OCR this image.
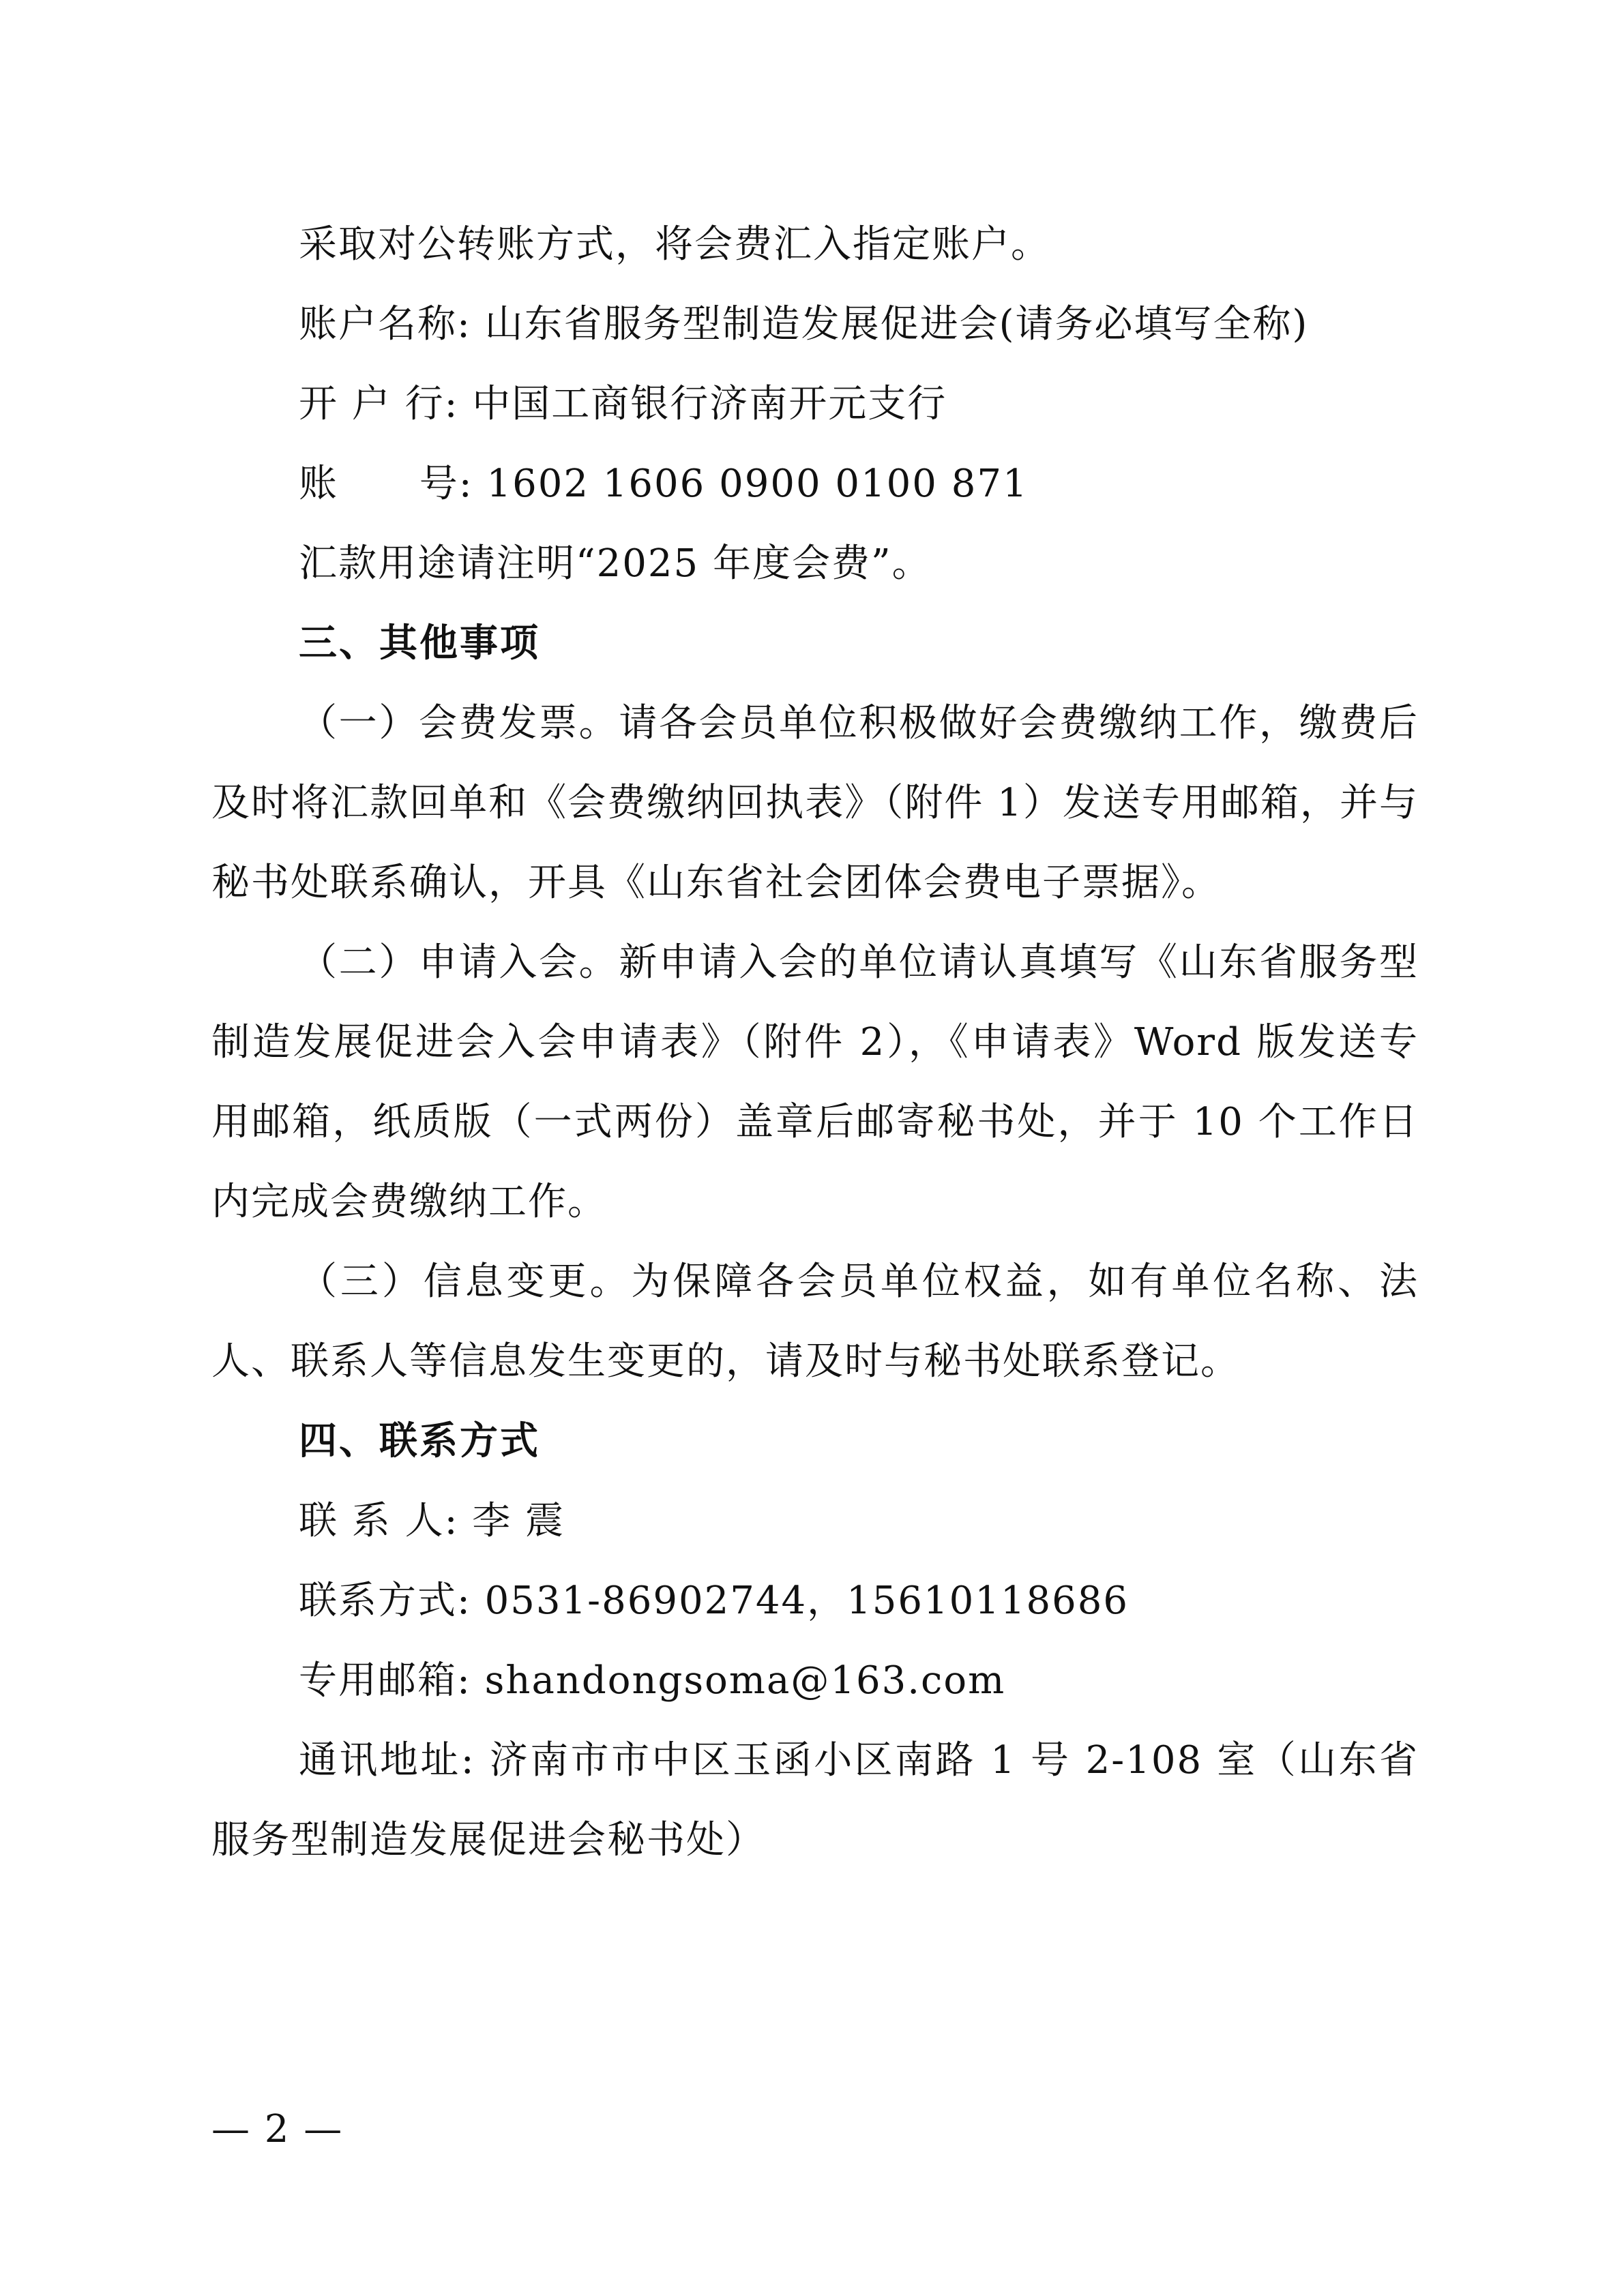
采取对公转账方式，将会费汇入指定账户。
账户名称: 山东省服务型制造发展促进会(请务必填写全称)
开 户 行: 中国工商银行济南开元支行
账      号: 1602 1606 0900 0100 871
汇款用途请注明“2025 年度会费”。
三、其他事项

（一）会费发票。请各会员单位积极做好会费缴纳工作，缴费后及时将汇款回单和《会费缴纳回执表》（附件 1）发送专用邮箱，并与秘书处联系确认，开具《山东省社会团体会费电子票据》。

（二）申请入会。新申请入会的单位请认真填写《山东省服务型制造发展促进会入会申请表》（附件 2），《申请表》Word 版发送专用邮箱，纸质版（一式两份）盖章后邮寄秘书处，并于 10 个工作日内完成会费缴纳工作。

（三）信息变更。为保障各会员单位权益，如有单位名称、法人、联系人等信息发生变更的，请及时与秘书处联系登记。

四、联系方式
联 系 人: 李 震
联系方式: 0531-86902744，15610118686
专用邮箱: shandongsoma@163.com

通讯地址: 济南市市中区玉函小区南路 1 号 2-108 室（山东省服务型制造发展促进会秘书处）

— 2 —
